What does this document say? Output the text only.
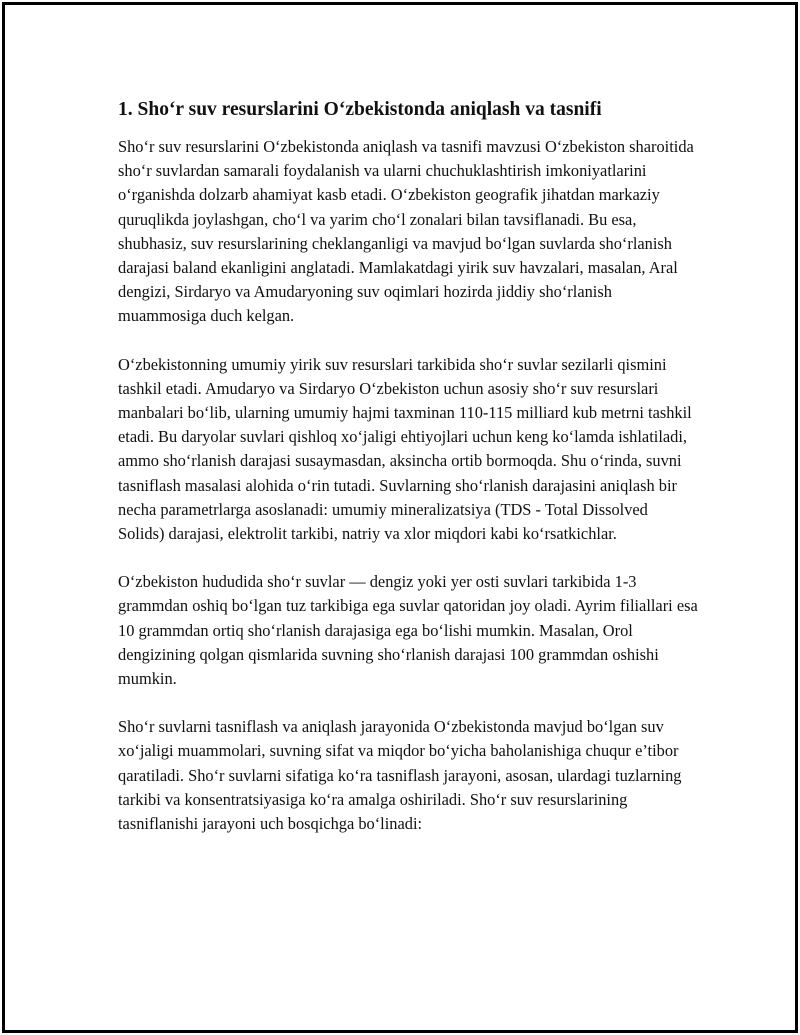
1. Sho‘r suv resurslarini O‘zbekistonda aniqlash va tasnifi

Sho‘r suv resurslarini O‘zbekistonda aniqlash va tasnifi mavzusi O‘zbekiston sharoitida sho‘r suvlardan samarali foydalanish va ularni chuchuklashtirish imkoniyatlarini o‘rganishda dolzarb ahamiyat kasb etadi. O‘zbekiston geografik jihatdan markaziy quruqlikda joylashgan, cho‘l va yarim cho‘l zonalari bilan tavsiflanadi. Bu esa, shubhasiz, suv resurslarining cheklanganligi va mavjud bo‘lgan suvlarda sho‘rlanish darajasi baland ekanligini anglatadi. Mamlakatdagi yirik suv havzalari, masalan, Aral dengizi, Sirdaryo va Amudaryoning suv oqimlari hozirda jiddiy sho‘rlanish muammosiga duch kelgan.

O‘zbekistonning umumiy yirik suv resurslari tarkibida sho‘r suvlar sezilarli qismini tashkil etadi. Amudaryo va Sirdaryo O‘zbekiston uchun asosiy sho‘r suv resurslari manbalari bo‘lib, ularning umumiy hajmi taxminan 110-115 milliard kub metrni tashkil etadi. Bu daryolar suvlari qishloq xo‘jaligi ehtiyojlari uchun keng ko‘lamda ishlatiladi, ammo sho‘rlanish darajasi susaymasdan, aksincha ortib bormoqda. Shu o‘rinda, suvni tasniflash masalasi alohida o‘rin tutadi. Suvlarning sho‘rlanish darajasini aniqlash bir necha parametrlarga asoslanadi: umumiy mineralizatsiya (TDS - Total Dissolved Solids) darajasi, elektrolit tarkibi, natriy va xlor miqdori kabi ko‘rsatkichlar.

O‘zbekiston hududida sho‘r suvlar — dengiz yoki yer osti suvlari tarkibida 1-3 grammdan oshiq bo‘lgan tuz tarkibiga ega suvlar qatoridan joy oladi. Ayrim filiallari esa 10 grammdan ortiq sho‘rlanish darajasiga ega bo‘lishi mumkin. Masalan, Orol dengizining qolgan qismlarida suvning sho‘rlanish darajasi 100 grammdan oshishi mumkin.

Sho‘r suvlarni tasniflash va aniqlash jarayonida O‘zbekistonda mavjud bo‘lgan suv xo‘jaligi muammolari, suvning sifat va miqdor bo‘yicha baholanishiga chuqur e’tibor qaratiladi. Sho‘r suvlarni sifatiga ko‘ra tasniflash jarayoni, asosan, ulardagi tuzlarning tarkibi va konsentratsiyasiga ko‘ra amalga oshiriladi. Sho‘r suv resurslarining tasniflanishi jarayoni uch bosqichga bo‘linadi:
